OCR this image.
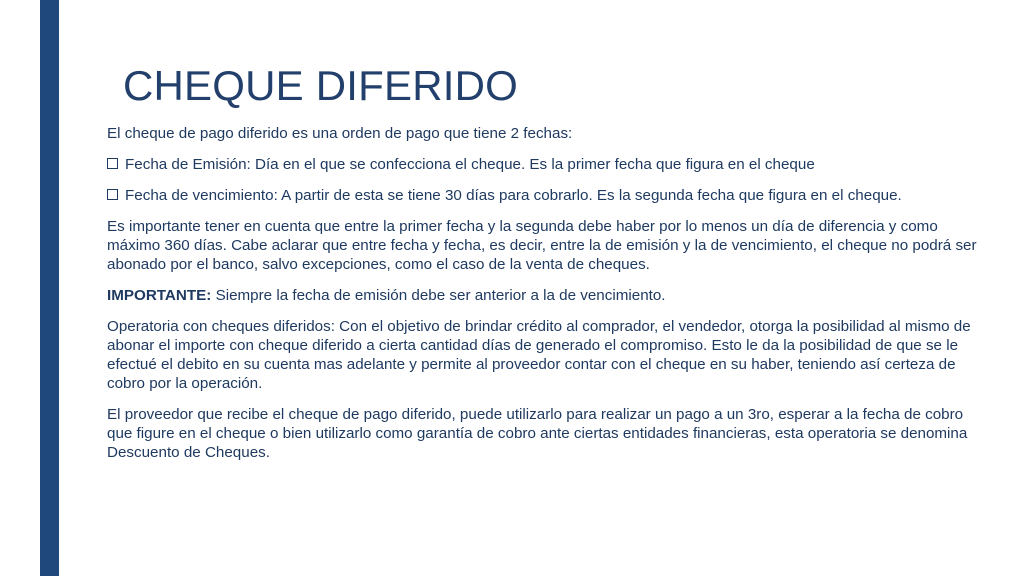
CHEQUE DIFERIDO

El cheque de pago diferido es una orden de pago que tiene 2 fechas:

Fecha de Emisión: Día en el que se confecciona el cheque. Es la primer fecha que figura en el cheque

Fecha de vencimiento: A partir de esta se tiene 30 días para cobrarlo. Es la segunda fecha que figura en el cheque.

Es importante tener en cuenta que entre la primer fecha y la segunda debe haber por lo menos un día de diferencia y como máximo 360 días. Cabe aclarar que entre fecha y fecha, es decir, entre la de emisión y la de vencimiento, el cheque no podrá ser abonado por el banco, salvo excepciones, como el caso de la venta de cheques.

IMPORTANTE: Siempre la fecha de emisión debe ser anterior a la de vencimiento.

Operatoria con cheques diferidos: Con el objetivo de brindar crédito al comprador, el vendedor, otorga la posibilidad al mismo de abonar el importe con cheque diferido a cierta cantidad días de generado el compromiso. Esto le da la posibilidad de que se le efectué el debito en su cuenta mas adelante y permite al proveedor contar con el cheque en su haber, teniendo así certeza de cobro por la operación.

El proveedor que recibe el cheque de pago diferido, puede utilizarlo para realizar un pago a un 3ro, esperar a la fecha de cobro que figure en el cheque o bien utilizarlo como garantía de cobro ante ciertas entidades financieras, esta operatoria se denomina Descuento de Cheques.
